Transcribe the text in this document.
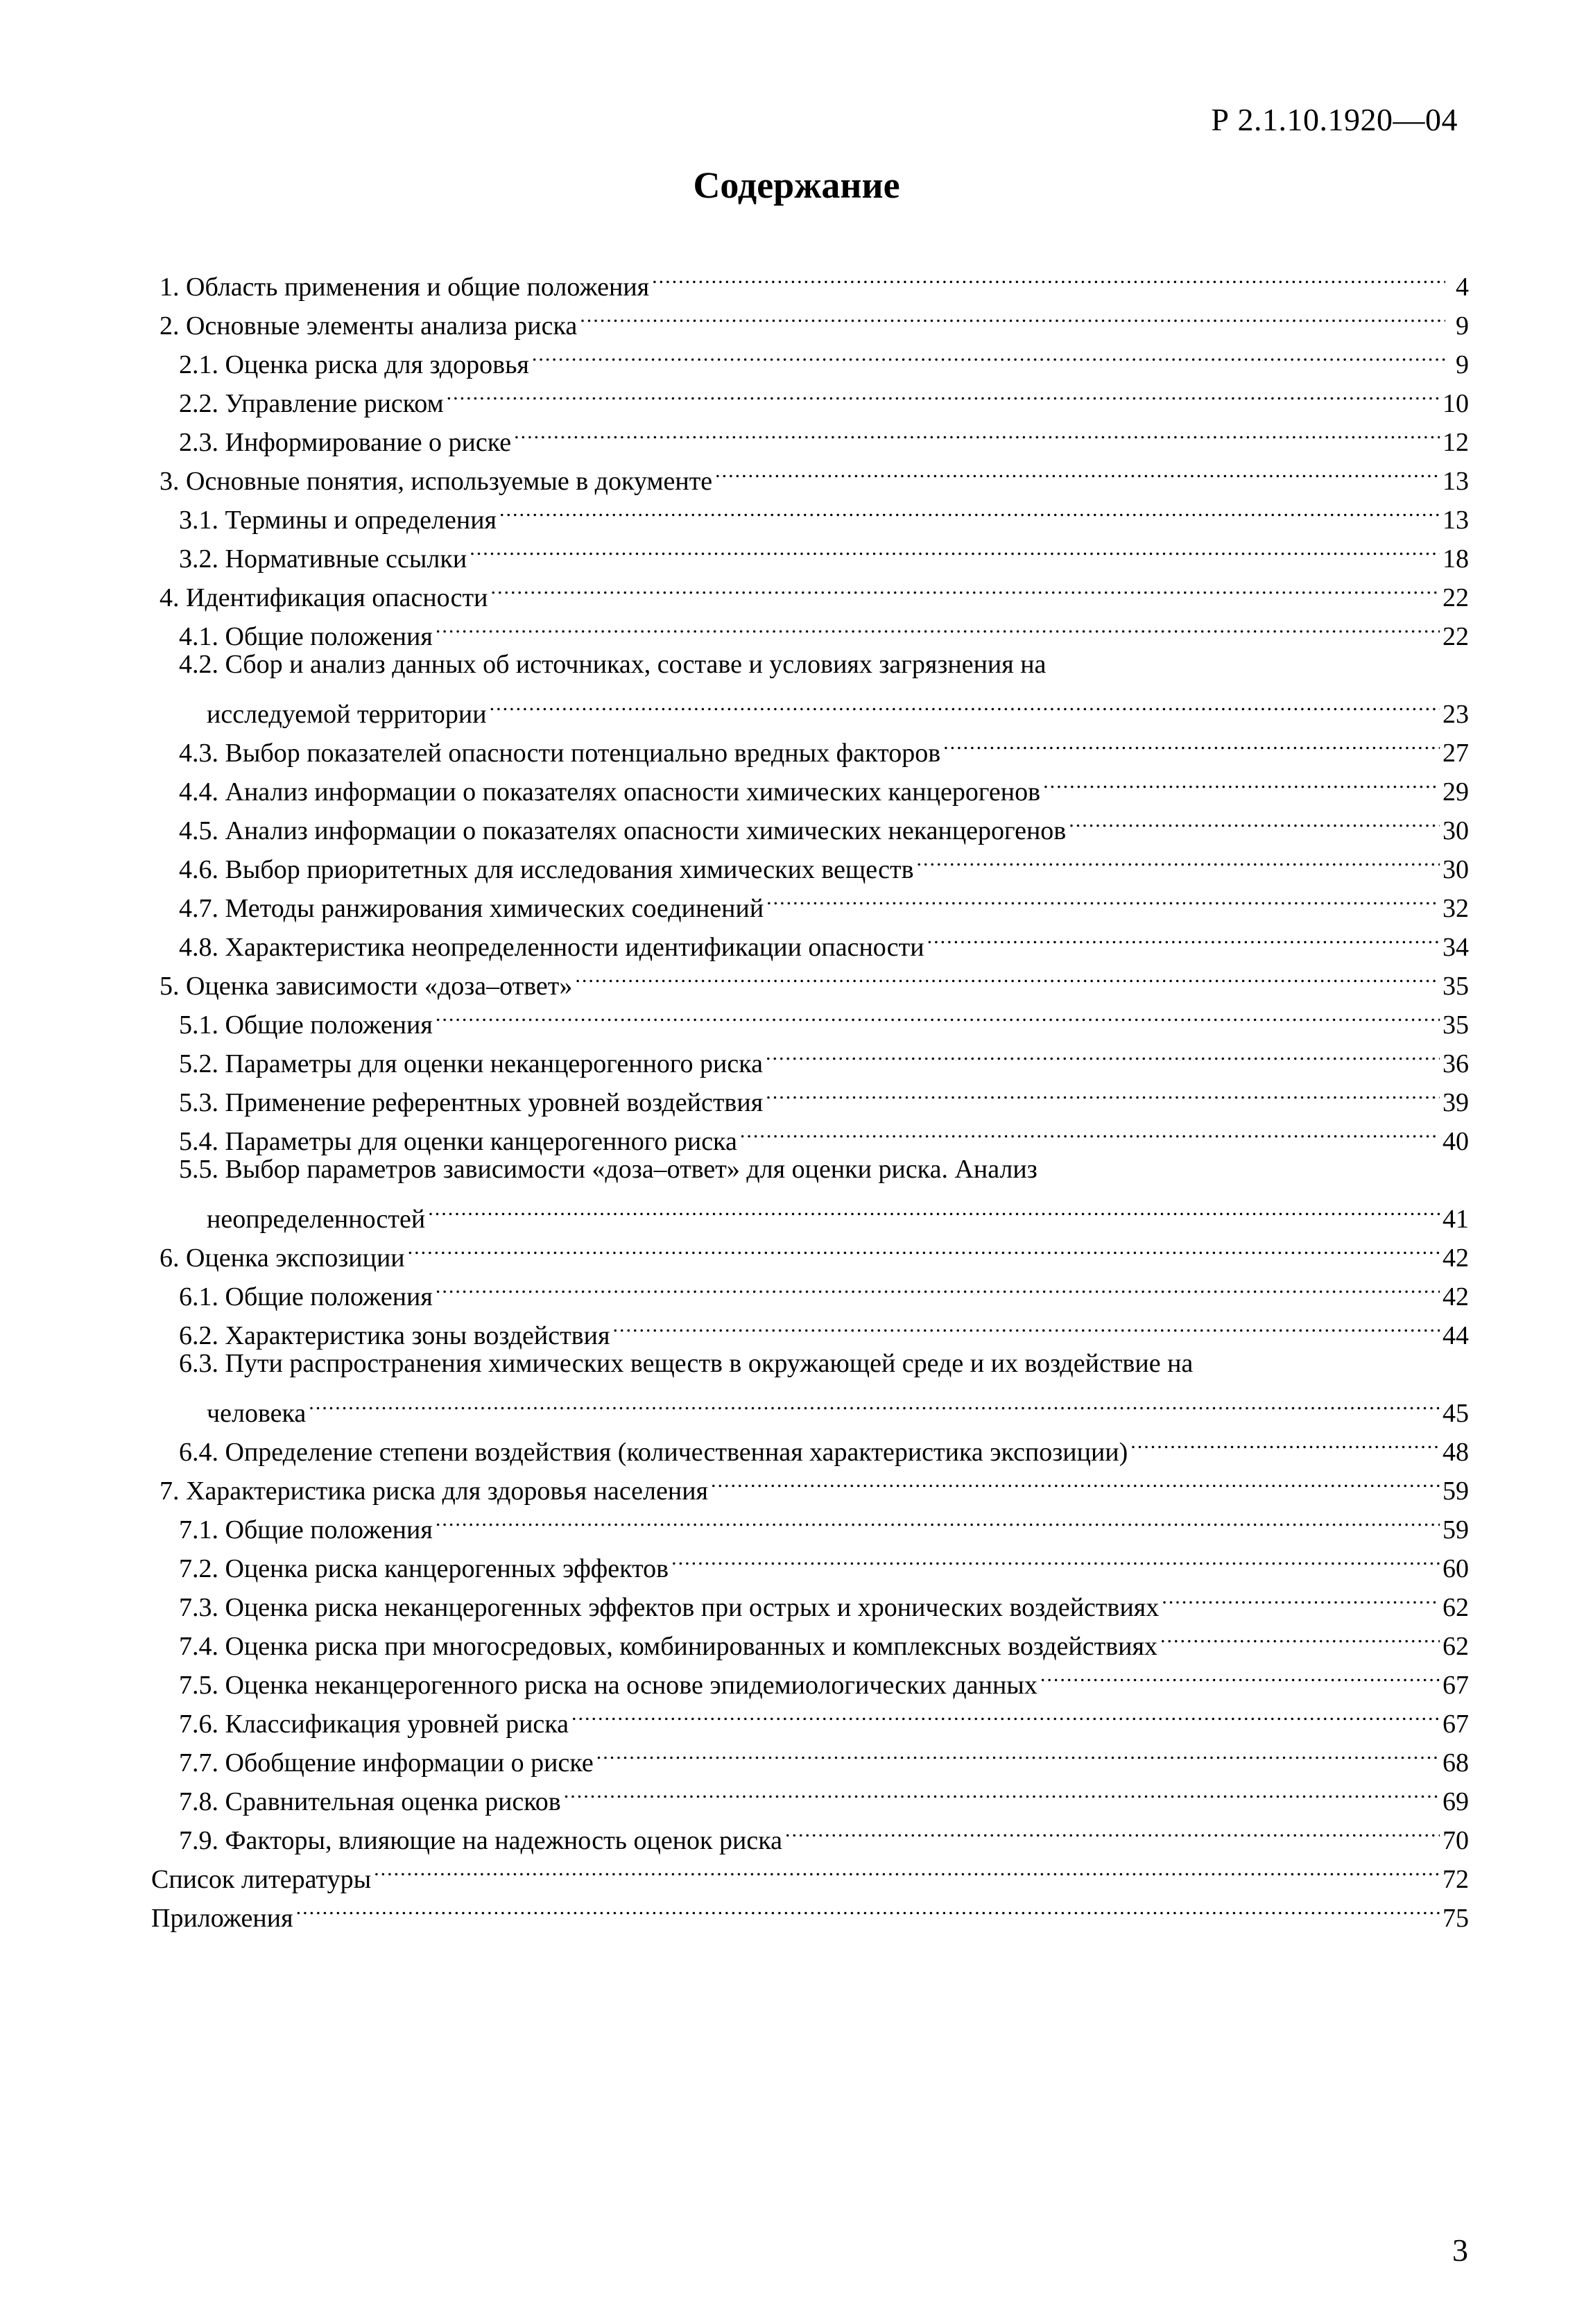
Р 2.1.10.1920—04
Содержание
1. Область применения и общие положения .....	4
2. Основные элементы анализа риска .....	9
2.1. Оценка риска для здоровья .....	9
2.2. Управление риском .....	10
2.3. Информирование о риске .....	12
3. Основные понятия, используемые в документе .....	13
3.1. Термины и определения .....	13
3.2. Нормативные ссылки .....	18
4. Идентификация опасности .....	22
4.1. Общие положения .....	22
4.2. Сбор и анализ данных об источниках, составе и условиях загрязнения на
исследуемой территории .....	23
4.3. Выбор показателей опасности потенциально вредных факторов .....	27
4.4. Анализ информации о показателях опасности химических канцерогенов .....	29
4.5. Анализ информации о показателях опасности химических неканцерогенов .....	30
4.6. Выбор приоритетных для исследования химических веществ .....	30
4.7. Методы ранжирования химических соединений .....	32
4.8. Характеристика неопределенности идентификации опасности .....	34
5. Оценка зависимости «доза–ответ» .....	35
5.1. Общие положения .....	35
5.2. Параметры для оценки неканцерогенного риска .....	36
5.3. Применение референтных уровней воздействия .....	39
5.4. Параметры для оценки канцерогенного риска .....	40
5.5. Выбор параметров зависимости «доза–ответ» для оценки риска. Анализ
неопределенностей .....	41
6. Оценка экспозиции .....	42
6.1. Общие положения .....	42
6.2. Характеристика зоны воздействия .....	44
6.3. Пути распространения химических веществ в окружающей среде и их воздействие на
человека .....	45
6.4. Определение степени воздействия (количественная характеристика экспозиции) .....	48
7. Характеристика риска для здоровья населения .....	59
7.1. Общие положения .....	59
7.2. Оценка риска канцерогенных эффектов .....	60
7.3. Оценка риска неканцерогенных эффектов при острых и хронических воздействиях .....	62
7.4. Оценка риска при многосредовых, комбинированных и комплексных воздействиях .....	62
7.5. Оценка неканцерогенного риска на основе эпидемиологических данных .....	67
7.6. Классификация уровней риска .....	67
7.7. Обобщение информации о риске .....	68
7.8. Сравнительная оценка рисков .....	69
7.9. Факторы, влияющие на надежность оценок риска .....	70
Список литературы .....	72
Приложения .....	75
3
